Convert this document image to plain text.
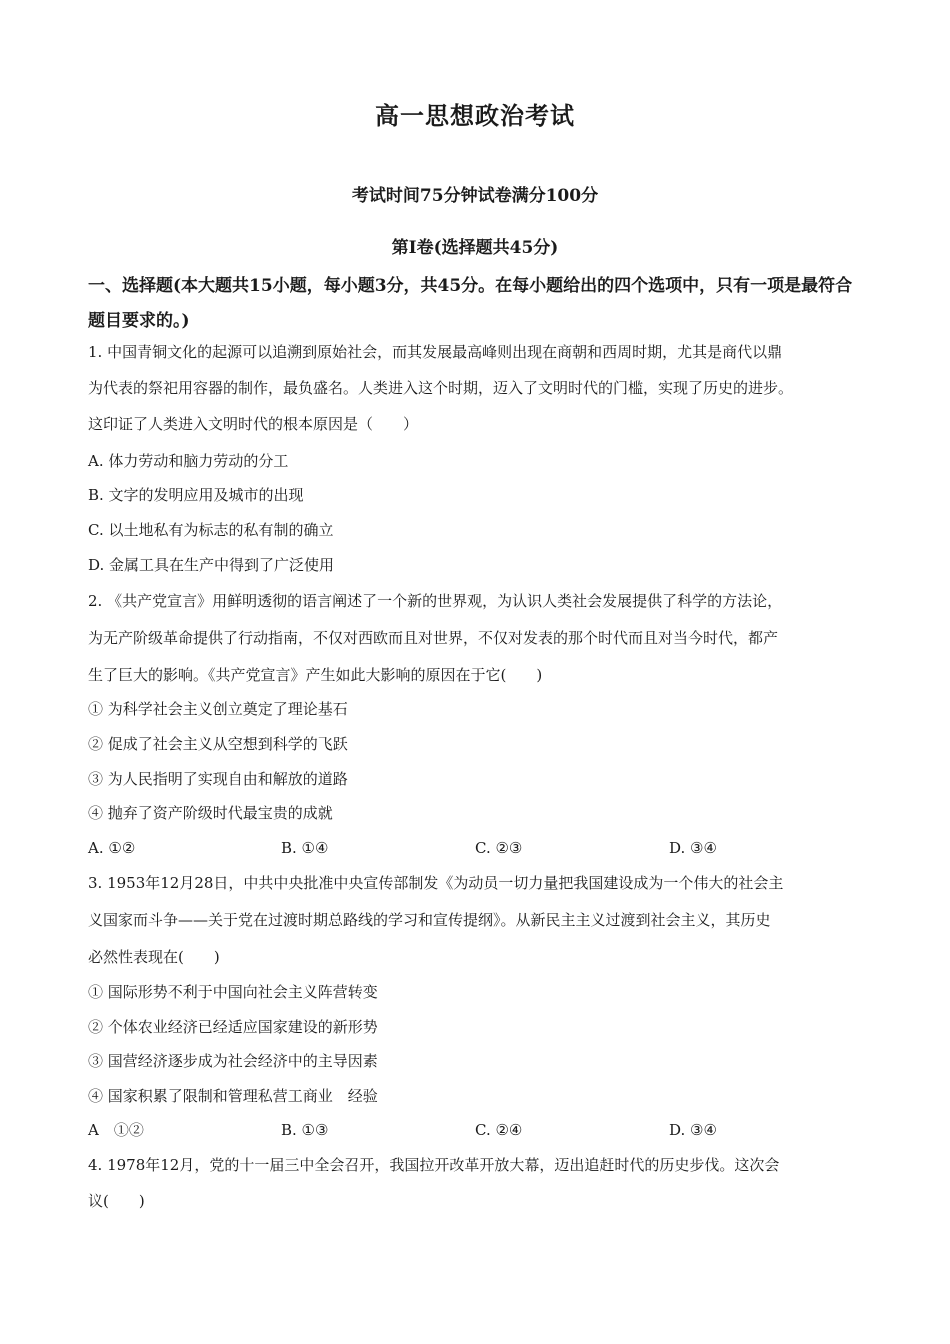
高一思想政治考试
考试时间75分钟试卷满分100分
第Ⅰ卷(选择题共45分)
一、选择题(本大题共15小题，每小题3分，共45分。在每小题给出的四个选项中，只有一项是最符合题目要求的。)
1. 中国青铜文化的起源可以追溯到原始社会，而其发展最高峰则出现在商朝和西周时期，尤其是商代以鼎
为代表的祭祀用容器的制作，最负盛名。人类进入这个时期，迈入了文明时代的门槛，实现了历史的进步。
这印证了人类进入文明时代的根本原因是（　　）
A. 体力劳动和脑力劳动的分工
B. 文字的发明应用及城市的出现
C. 以土地私有为标志的私有制的确立
D. 金属工具在生产中得到了广泛使用
2. 《共产党宣言》用鲜明透彻的语言阐述了一个新的世界观，为认识人类社会发展提供了科学的方法论，
为无产阶级革命提供了行动指南，不仅对西欧而且对世界，不仅对发表的那个时代而且对当今时代，都产
生了巨大的影响。《共产党宣言》产生如此大影响的原因在于它(　　)
① 为科学社会主义创立奠定了理论基石
② 促成了社会主义从空想到科学的飞跃
③ 为人民指明了实现自由和解放的道路
④ 抛弃了资产阶级时代最宝贵的成就
A. ①②	B. ①④	C. ②③	D. ③④
3. 1953年12月28日，中共中央批准中央宣传部制发《为动员一切力量把我国建设成为一个伟大的社会主
义国家而斗争——关于党在过渡时期总路线的学习和宣传提纲》。从新民主主义过渡到社会主义，其历史
必然性表现在(　　)
① 国际形势不利于中国向社会主义阵营转变
② 个体农业经济已经适应国家建设的新形势
③ 国营经济逐步成为社会经济中的主导因素
④ 国家积累了限制和管理私营工商业　经验
A　①②	B. ①③	C. ②④	D. ③④
4. 1978年12月，党的十一届三中全会召开，我国拉开改革开放大幕，迈出追赶时代的历史步伐。这次会
议(　　)
